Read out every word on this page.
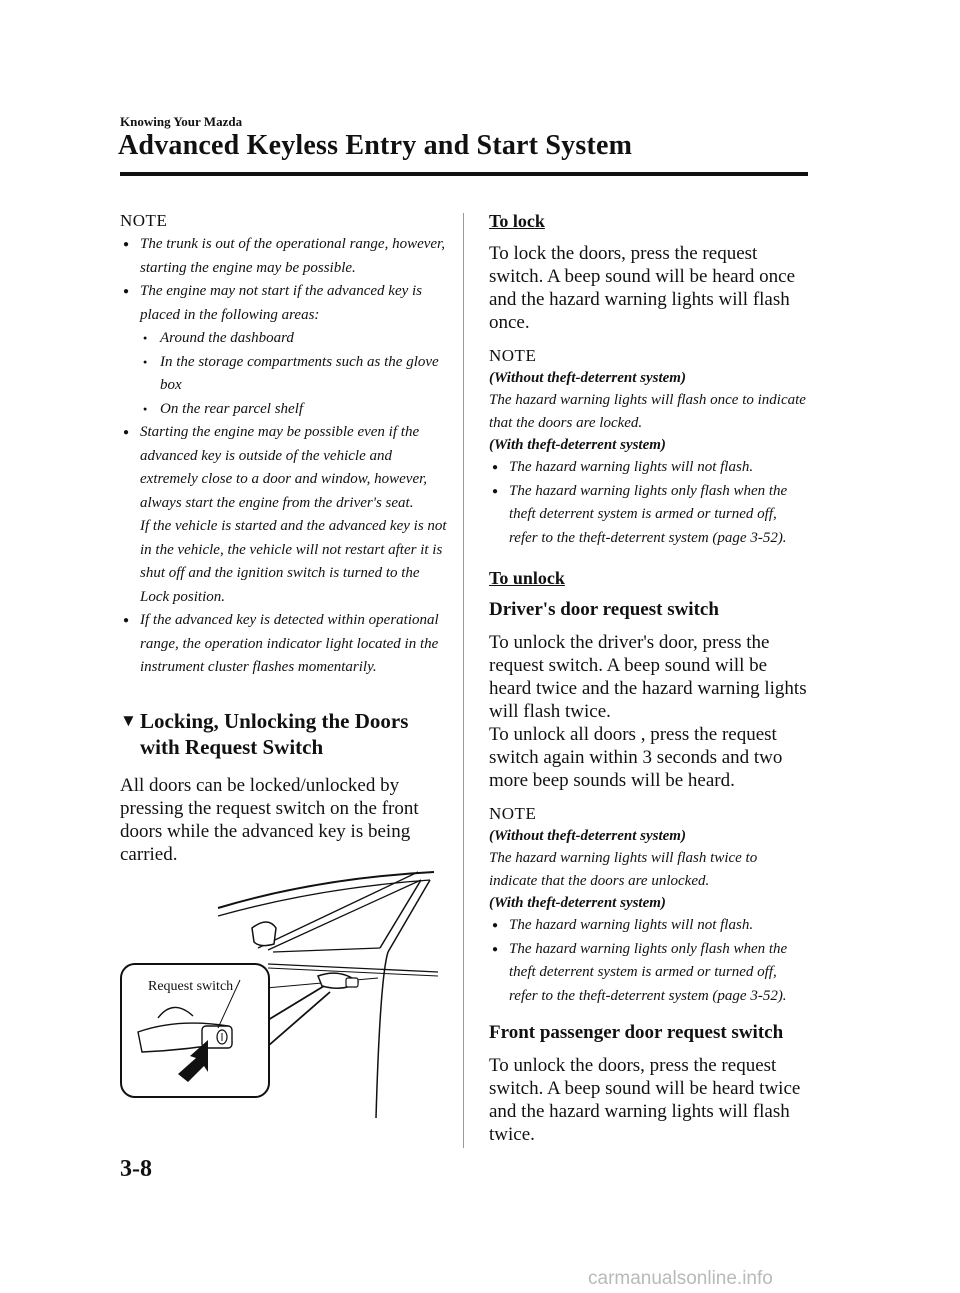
Knowing Your Mazda
Advanced Keyless Entry and Start System
NOTE
● The trunk is out of the operational range, however, starting the engine may be possible.
● The engine may not start if the advanced key is placed in the following areas:
● Around the dashboard
● In the storage compartments such as the glove box
● On the rear parcel shelf
● Starting the engine may be possible even if the advanced key is outside of the vehicle and extremely close to a door and window, however, always start the engine from the driver's seat.
If the vehicle is started and the advanced key is not in the vehicle, the vehicle will not restart after it is shut off and the ignition switch is turned to the Lock position.
● If the advanced key is detected within operational range, the operation indicator light located in the instrument cluster flashes momentarily.
▼ Locking, Unlocking the Doors with Request Switch

All doors can be locked/unlocked by pressing the request switch on the front doors while the advanced key is being carried.

Request switch
To lock

To lock the doors, press the request switch. A beep sound will be heard once and the hazard warning lights will flash once.

NOTE
(Without theft-deterrent system)
The hazard warning lights will flash once to indicate that the doors are locked.
(With theft-deterrent system)
● The hazard warning lights will not flash.
● The hazard warning lights only flash when the theft deterrent system is armed or turned off, refer to the theft-deterrent system (page 3-52).
To unlock
Driver's door request switch

To unlock the driver's door, press the request switch. A beep sound will be heard twice and the hazard warning lights will flash twice.

To unlock all doors , press the request switch again within 3 seconds and two more beep sounds will be heard.

NOTE
(Without theft-deterrent system)
The hazard warning lights will flash twice to indicate that the doors are unlocked.
(With theft-deterrent system)
● The hazard warning lights will not flash.
● The hazard warning lights only flash when the theft deterrent system is armed or turned off, refer to the theft-deterrent system (page 3-52).
Front passenger door request switch

To unlock the doors, press the request switch. A beep sound will be heard twice and the hazard warning lights will flash twice.

3-8
carmanualsonline.info
